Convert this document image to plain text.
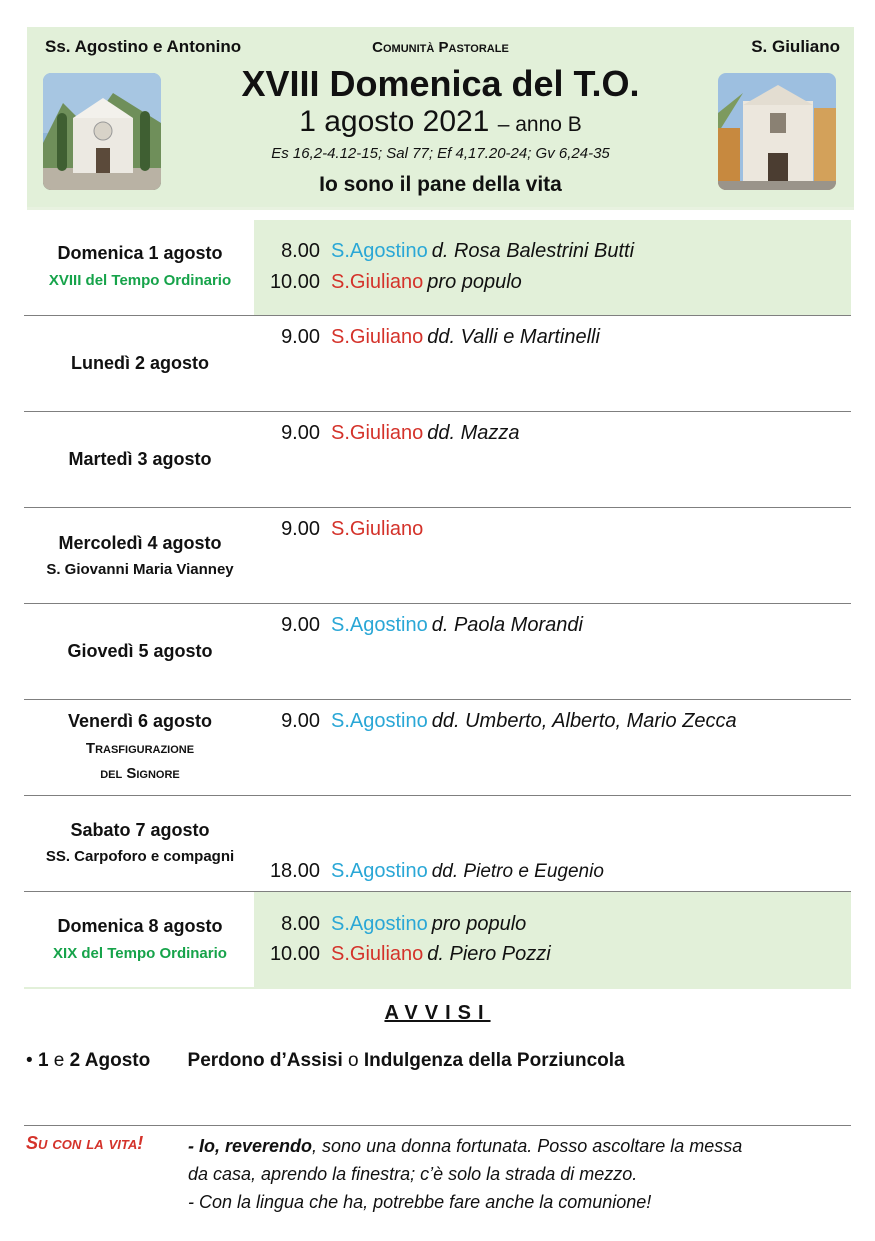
Ss. Agostino e Antonino	Comunità Pastorale	S. Giuliano
XVIII Domenica del T.O.
1 agosto 2021 – anno B
Es 16,2-4.12-15; Sal 77; Ef 4,17.20-24; Gv 6,24-35
Io sono il pane della vita
Domenica 1 agosto
XVIII del Tempo Ordinario
8.00 S.Agostino d. Rosa Balestrini Butti
10.00 S.Giuliano pro populo
Lunedì 2 agosto
9.00 S.Giuliano dd. Valli e Martinelli
Martedì 3 agosto
9.00 S.Giuliano dd. Mazza
Mercoledì 4 agosto
S. Giovanni Maria Vianney
9.00 S.Giuliano
Giovedì 5 agosto
9.00 S.Agostino d. Paola Morandi
Venerdì 6 agosto
Trasfigurazione
del Signore
9.00 S.Agostino dd. Umberto, Alberto, Mario Zecca
Sabato 7 agosto
SS. Carpoforo e compagni
18.00 S.Agostino dd. Pietro e Eugenio
Domenica 8 agosto
XIX del Tempo Ordinario
8.00 S.Agostino pro populo
10.00 S.Giuliano d. Piero Pozzi
AVVISI
• 1 e 2 Agosto Perdono d’Assisi o Indulgenza della Porziuncola
Su con la vita! - Io, reverendo, sono una donna fortunata. Posso ascoltare la messa
da casa, aprendo la finestra; c’è solo la strada di mezzo.
- Con la lingua che ha, potrebbe fare anche la comunione!
